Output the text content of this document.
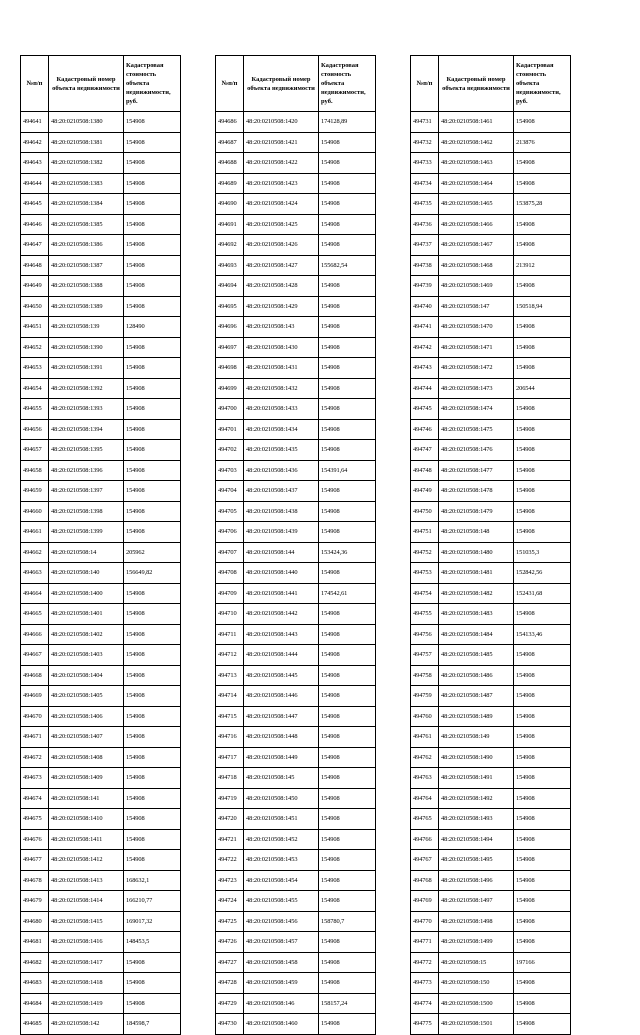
№п/п	Кадастровый номер объекта недвижимости	Кадастровая стоимость объекта недвижимости, руб.
494641	48:20:0210508:1380	154908
494642	48:20:0210508:1381	154908
494643	48:20:0210508:1382	154908
494644	48:20:0210508:1383	154908
494645	48:20:0210508:1384	154908
494646	48:20:0210508:1385	154908
494647	48:20:0210508:1386	154908
494648	48:20:0210508:1387	154908
494649	48:20:0210508:1388	154908
494650	48:20:0210508:1389	154908
494651	48:20:0210508:139	128490
494652	48:20:0210508:1390	154908
494653	48:20:0210508:1391	154908
494654	48:20:0210508:1392	154908
494655	48:20:0210508:1393	154908
494656	48:20:0210508:1394	154908
494657	48:20:0210508:1395	154908
494658	48:20:0210508:1396	154908
494659	48:20:0210508:1397	154908
494660	48:20:0210508:1398	154908
494661	48:20:0210508:1399	154908
494662	48:20:0210508:14	205962
494663	48:20:0210508:140	156649,82
494664	48:20:0210508:1400	154908
494665	48:20:0210508:1401	154908
494666	48:20:0210508:1402	154908
494667	48:20:0210508:1403	154908
494668	48:20:0210508:1404	154908
494669	48:20:0210508:1405	154908
494670	48:20:0210508:1406	154908
494671	48:20:0210508:1407	154908
494672	48:20:0210508:1408	154908
494673	48:20:0210508:1409	154908
494674	48:20:0210508:141	154908
494675	48:20:0210508:1410	154908
494676	48:20:0210508:1411	154908
494677	48:20:0210508:1412	154908
494678	48:20:0210508:1413	168632,1
494679	48:20:0210508:1414	166210,77
494680	48:20:0210508:1415	169017,32
494681	48:20:0210508:1416	148453,5
494682	48:20:0210508:1417	154908
494683	48:20:0210508:1418	154908
494684	48:20:0210508:1419	154908
494685	48:20:0210508:142	184598,7
№п/п	Кадастровый номер объекта недвижимости	Кадастровая стоимость объекта недвижимости, руб.
494686	48:20:0210508:1420	174128,89
494687	48:20:0210508:1421	154908
494688	48:20:0210508:1422	154908
494689	48:20:0210508:1423	154908
494690	48:20:0210508:1424	154908
494691	48:20:0210508:1425	154908
494692	48:20:0210508:1426	154908
494693	48:20:0210508:1427	155682,54
494694	48:20:0210508:1428	154908
494695	48:20:0210508:1429	154908
494696	48:20:0210508:143	154908
494697	48:20:0210508:1430	154908
494698	48:20:0210508:1431	154908
494699	48:20:0210508:1432	154908
494700	48:20:0210508:1433	154908
494701	48:20:0210508:1434	154908
494702	48:20:0210508:1435	154908
494703	48:20:0210508:1436	154391,64
494704	48:20:0210508:1437	154908
494705	48:20:0210508:1438	154908
494706	48:20:0210508:1439	154908
494707	48:20:0210508:144	153424,36
494708	48:20:0210508:1440	154908
494709	48:20:0210508:1441	174542,61
494710	48:20:0210508:1442	154908
494711	48:20:0210508:1443	154908
494712	48:20:0210508:1444	154908
494713	48:20:0210508:1445	154908
494714	48:20:0210508:1446	154908
494715	48:20:0210508:1447	154908
494716	48:20:0210508:1448	154908
494717	48:20:0210508:1449	154908
494718	48:20:0210508:145	154908
494719	48:20:0210508:1450	154908
494720	48:20:0210508:1451	154908
494721	48:20:0210508:1452	154908
494722	48:20:0210508:1453	154908
494723	48:20:0210508:1454	154908
494724	48:20:0210508:1455	154908
494725	48:20:0210508:1456	158780,7
494726	48:20:0210508:1457	154908
494727	48:20:0210508:1458	154908
494728	48:20:0210508:1459	154908
494729	48:20:0210508:146	158157,24
494730	48:20:0210508:1460	154908
№п/п	Кадастровый номер объекта недвижимости	Кадастровая стоимость объекта недвижимости, руб.
494731	48:20:0210508:1461	154908
494732	48:20:0210508:1462	213876
494733	48:20:0210508:1463	154908
494734	48:20:0210508:1464	154908
494735	48:20:0210508:1465	153875,28
494736	48:20:0210508:1466	154908
494737	48:20:0210508:1467	154908
494738	48:20:0210508:1468	213912
494739	48:20:0210508:1469	154908
494740	48:20:0210508:147	150518,94
494741	48:20:0210508:1470	154908
494742	48:20:0210508:1471	154908
494743	48:20:0210508:1472	154908
494744	48:20:0210508:1473	206544
494745	48:20:0210508:1474	154908
494746	48:20:0210508:1475	154908
494747	48:20:0210508:1476	154908
494748	48:20:0210508:1477	154908
494749	48:20:0210508:1478	154908
494750	48:20:0210508:1479	154908
494751	48:20:0210508:148	154908
494752	48:20:0210508:1480	151035,3
494753	48:20:0210508:1481	152842,56
494754	48:20:0210508:1482	152431,68
494755	48:20:0210508:1483	154908
494756	48:20:0210508:1484	154133,46
494757	48:20:0210508:1485	154908
494758	48:20:0210508:1486	154908
494759	48:20:0210508:1487	154908
494760	48:20:0210508:1489	154908
494761	48:20:0210508:149	154908
494762	48:20:0210508:1490	154908
494763	48:20:0210508:1491	154908
494764	48:20:0210508:1492	154908
494765	48:20:0210508:1493	154908
494766	48:20:0210508:1494	154908
494767	48:20:0210508:1495	154908
494768	48:20:0210508:1496	154908
494769	48:20:0210508:1497	154908
494770	48:20:0210508:1498	154908
494771	48:20:0210508:1499	154908
494772	48:20:0210508:15	197166
494773	48:20:0210508:150	154908
494774	48:20:0210508:1500	154908
494775	48:20:0210508:1501	154908
